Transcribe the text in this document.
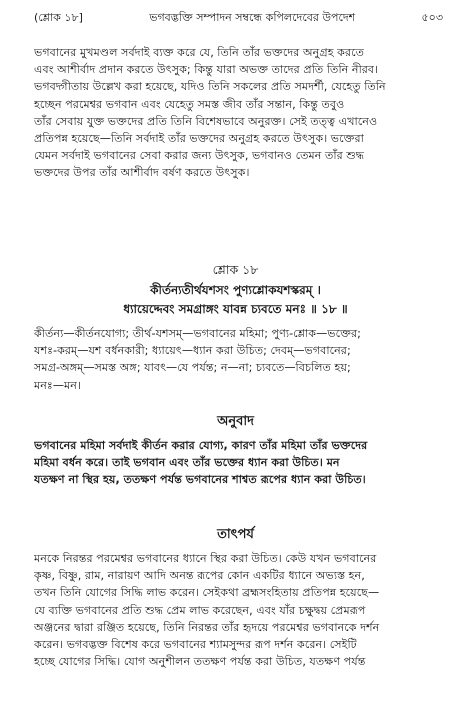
(শ্লোক ১৮]	ভগবদ্ভক্তি সম্পাদন সম্বন্ধে কপিলদেবের উপদেশ	৫০৩
ভগবানের মুখমণ্ডল সর্বদাই ব্যক্ত করে যে, তিনি তাঁর ভক্তদের অনুগ্রহ করতে
এবং আশীর্বাদ প্রদান করতে উৎসুক; কিন্তু যারা অভক্ত তাদের প্রতি তিনি নীরব।
ভগবদ্গীতায় উল্লেখ করা হয়েছে, যদিও তিনি সকলের প্রতি সমদর্শী, যেহেতু তিনি
হচ্ছেন পরমেশ্বর ভগবান এবং যেহেতু সমস্ত জীব তাঁর সন্তান, কিন্তু তবুও
তাঁর সেবায় যুক্ত ভক্তদের প্রতি তিনি বিশেষভাবে অনুরক্ত। সেই তত্ত্ব এখানেও
প্রতিপন্ন হয়েছে—তিনি সর্বদাই তাঁর ভক্তদের অনুগ্রহ করতে উৎসুক। ভক্তেরা
যেমন সর্বদাই ভগবানের সেবা করার জন্য উৎসুক, ভগবানও তেমন তাঁর শুদ্ধ
ভক্তদের উপর তাঁর আশীর্বাদ বর্ষণ করতে উৎসুক।
শ্লোক ১৮
কীর্তন্যতীর্থযশসং পুণ্যশ্লোকযশস্করম্ ।
ধ্যায়েদ্দেবং সমগ্রাঙ্গং যাবন্ন চ্যবতে মনঃ ॥ ১৮ ॥
কীর্তন্য—কীর্তনযোগ্য; তীর্থ-যশসম্—ভগবানের মহিমা; পুণ্য-শ্লোক—ভক্তের;
যশঃ-করম্—যশ বর্ধনকারী; ধ্যায়েৎ—ধ্যান করা উচিত; দেবম্—ভগবানের;
সমগ্র-অঙ্গম্—সমস্ত অঙ্গ; যাবৎ—যে পর্যন্ত; ন—না; চ্যবতে—বিচলিত হয়;
মনঃ—মন।
অনুবাদ
ভগবানের মহিমা সর্বদাই কীর্তন করার যোগ্য, কারণ তাঁর মহিমা তাঁর ভক্তদের
মহিমা বর্ধন করে। তাই ভগবান এবং তাঁর ভক্তের ধ্যান করা উচিত। মন
যতক্ষণ না স্থির হয়, ততক্ষণ পর্যন্ত ভগবানের শাশ্বত রূপের ধ্যান করা উচিত।
তাৎপর্য
মনকে নিরন্তর পরমেশ্বর ভগবানের ধ্যানে স্থির করা উচিত। কেউ যখন ভগবানের
কৃষ্ণ, বিষ্ণু, রাম, নারায়ণ আদি অনন্ত রূপের কোন একটির ধ্যানে অভ্যস্ত হন,
তখন তিনি যোগের সিদ্ধি লাভ করেন। সেইকথা ব্রহ্মসংহিতায় প্রতিপন্ন হয়েছে—
যে ব্যক্তি ভগবানের প্রতি শুদ্ধ প্রেম লাভ করেছেন, এবং যাঁর চক্ষুদ্বয় প্রেমরূপ
অঞ্জনের দ্বারা রঞ্জিত হয়েছে, তিনি নিরন্তর তাঁর হৃদয়ে পরমেশ্বর ভগবানকে দর্শন
করেন। ভগবদ্ভক্ত বিশেষ করে ভগবানের শ্যামসুন্দর রূপ দর্শন করেন। সেইটি
হচ্ছে যোগের সিদ্ধি। যোগ অনুশীলন ততক্ষণ পর্যন্ত করা উচিত, যতক্ষণ পর্যন্ত
